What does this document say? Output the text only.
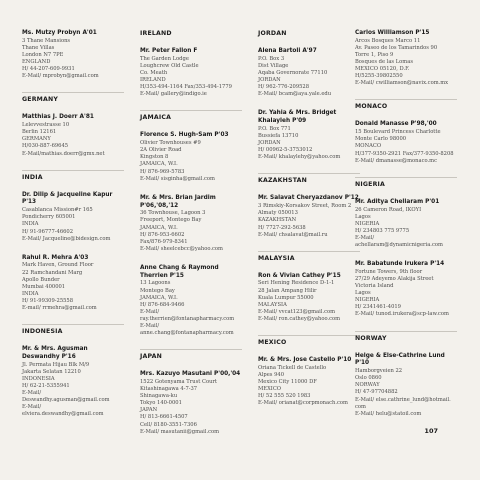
Ms. Mutzy Probyn A'01
3 Thane Mansions
Thane Villas
London N7 7PE
ENGLAND
H/ 44-207-609-9931
E-Mail/ mprobyn@gmail.com
GERMANY
Matthias J. Doerr A'81
Lelevvestrasse 10
Berlin 12161
GERMANY
H/030-887-69645
E-Mail/mathias.doerr@gmx.net
INDIA
Dr. Dilip & Jacqueline Kapur P'13
Casablanca Mission#r 165
Pondicherry 605001
INDIA
H/ 91-96777-46602
E-Mail/ Jacqueline@bidesign.com
Rahul R. Mehra A'03
Mark Haven, Ground Floor
22 Ramchandani Marg
Apollo Bunder
Mumbai 400001
INDIA
H/ 91-99309-25558
E-mail/ rrmehra@gmail.com
INDONESIA
Mr. & Mrs. Agusman Deswandhy P'16
Jl. Permata Hijau Blk M/9
Jakarta Selatan 12210
INDONESIA
H/ 62-21-5355941
E-Mail/
Deswandhy.agusman@gmail.com
E-Mail/
elviera.deswandhy@gmail.com
IRELAND
Mr. Peter Fallon F
The Garden Lodge
Loughcrew Old Castle
Co. Meath
IRELAND
H/353-494-1164 Fax/353-494-1779
E-Mail/ gallery@indigo.ie
JAMAICA
Florence S. Hugh-Sam P'03
Olivier Townhouses #9
2A Olivier Road
Kingston 8
JAMAICA, W.I.
H/ 876-969-5783
E-Mail/ sisginha@gmail.com
Mr. & Mrs. Brian Jardim P'06,'08,'12
36 Townhouse, Lagoon 3
Freeport, Montego Bay
JAMAICA, W.I.
H/ 876-953-6602
Fax/876-979-8341
E-Mail/ sheelcebcc@yahoo.com
Anne Chang & Raymond Therrien P'15
13 Lagoons
Montego Bay
JAMAICA, W.I.
H/ 876-684-9466
E-Mail/
ray.therrien@fontanapharmacy.com
E-Mail/
anne.chang@fontanapharmacy.com
JAPAN
Mrs. Kazuyo Masutani P'00,'04
1522 Gotenyama Trust Court
Kitashinagawa 4-7-37
Shinagawa-ku
Tokyo 140-0001
JAPAN
H/ 813-6661-4507
Cell/ 8180-3551-7306
E-Mail/ masutanii@gmail.com
JORDAN
Alena Bartoli A'97
P.O. Box 3
Dist Village
Aqaba Governorate 77110
JORDAN
H/ 962-776-209528
E-Mail/ bcam@aya.yale.edu
Dr. Yahia & Mrs. Bridget Khalayleh P'09
P.O. Box 771
Bussiefa 13710
JORDAN
H/ 00962-5-3753012
E-Mail/ khalaylehy@yahoo.com
KAZAKHSTAN
Mr. Salavat Cheryazdanov P'12
3 Rimskiy-Korsakov Street, Room 2
Almaty 050013
KAZAKHSTAN
H/ 7727-292-5638
E-Mail/ chsalavat@mail.ru
MALAYSIA
Ron & Vivian Cathey P'15
Seri Hening Residence D-1-1
28 Jalan Ampang Hilir
Kuala Lumpur 55000
MALAYSIA
E-Mail/ vvcat123@gmail.com
E-Mail/ ron.cathey@yahoo.com
MEXICO
Mr. & Mrs. Jose Castello P'10
Oriana Tickell de Castello
Alpes 940
Mexico City 11000 DF
MEXICO
H/ 52 555 520 1983
E-Mail/ orianat@corpmonach.com
Carlos Williamson P'15
Arcos Bosques Marco 11
Av. Paseo de los Tamarindos 90
Torre 1, Piso 9
Bosques de las Lomas
MEXICO 05120, D.F.
H/5255-39802550
E-Mail/ cwilliamson@navix.com.mx
MONACO
Donald Manasse P'98,'00
15 Boulevard Princess Charlotte
Monte Carlo 98000
MONACO
H/377-9350-2921 Fax/377-9350-8208
E-Mail/ dmanasse@monaco.mc
NIGERIA
Mr. Aditya Chellaram P'01
26 Cameron Road, IKOYI
Lagos
NIGERIA
H/ 234803 775 9775
E-Mail/
achellaram@dynamicnigeria.com
Mr. Babatunde Irukera P'14
Fortune Towers, 9th floor
27/29 Adeyemo Alakija Street
Victoria Island
Lagos
NIGERIA
H/ 2341461-4019
E-Mail/ tunod.irukera@scp-law.com
NORWAY
Helge & Else-Cathrine Lund P'10
Hamborgveien 22
Oslo 0860
NORWAY
H/ 47-97704882
E-Mail/ else.cathrine_lund@hotmail.
com
E-Mail/ helu@statoil.com
107
